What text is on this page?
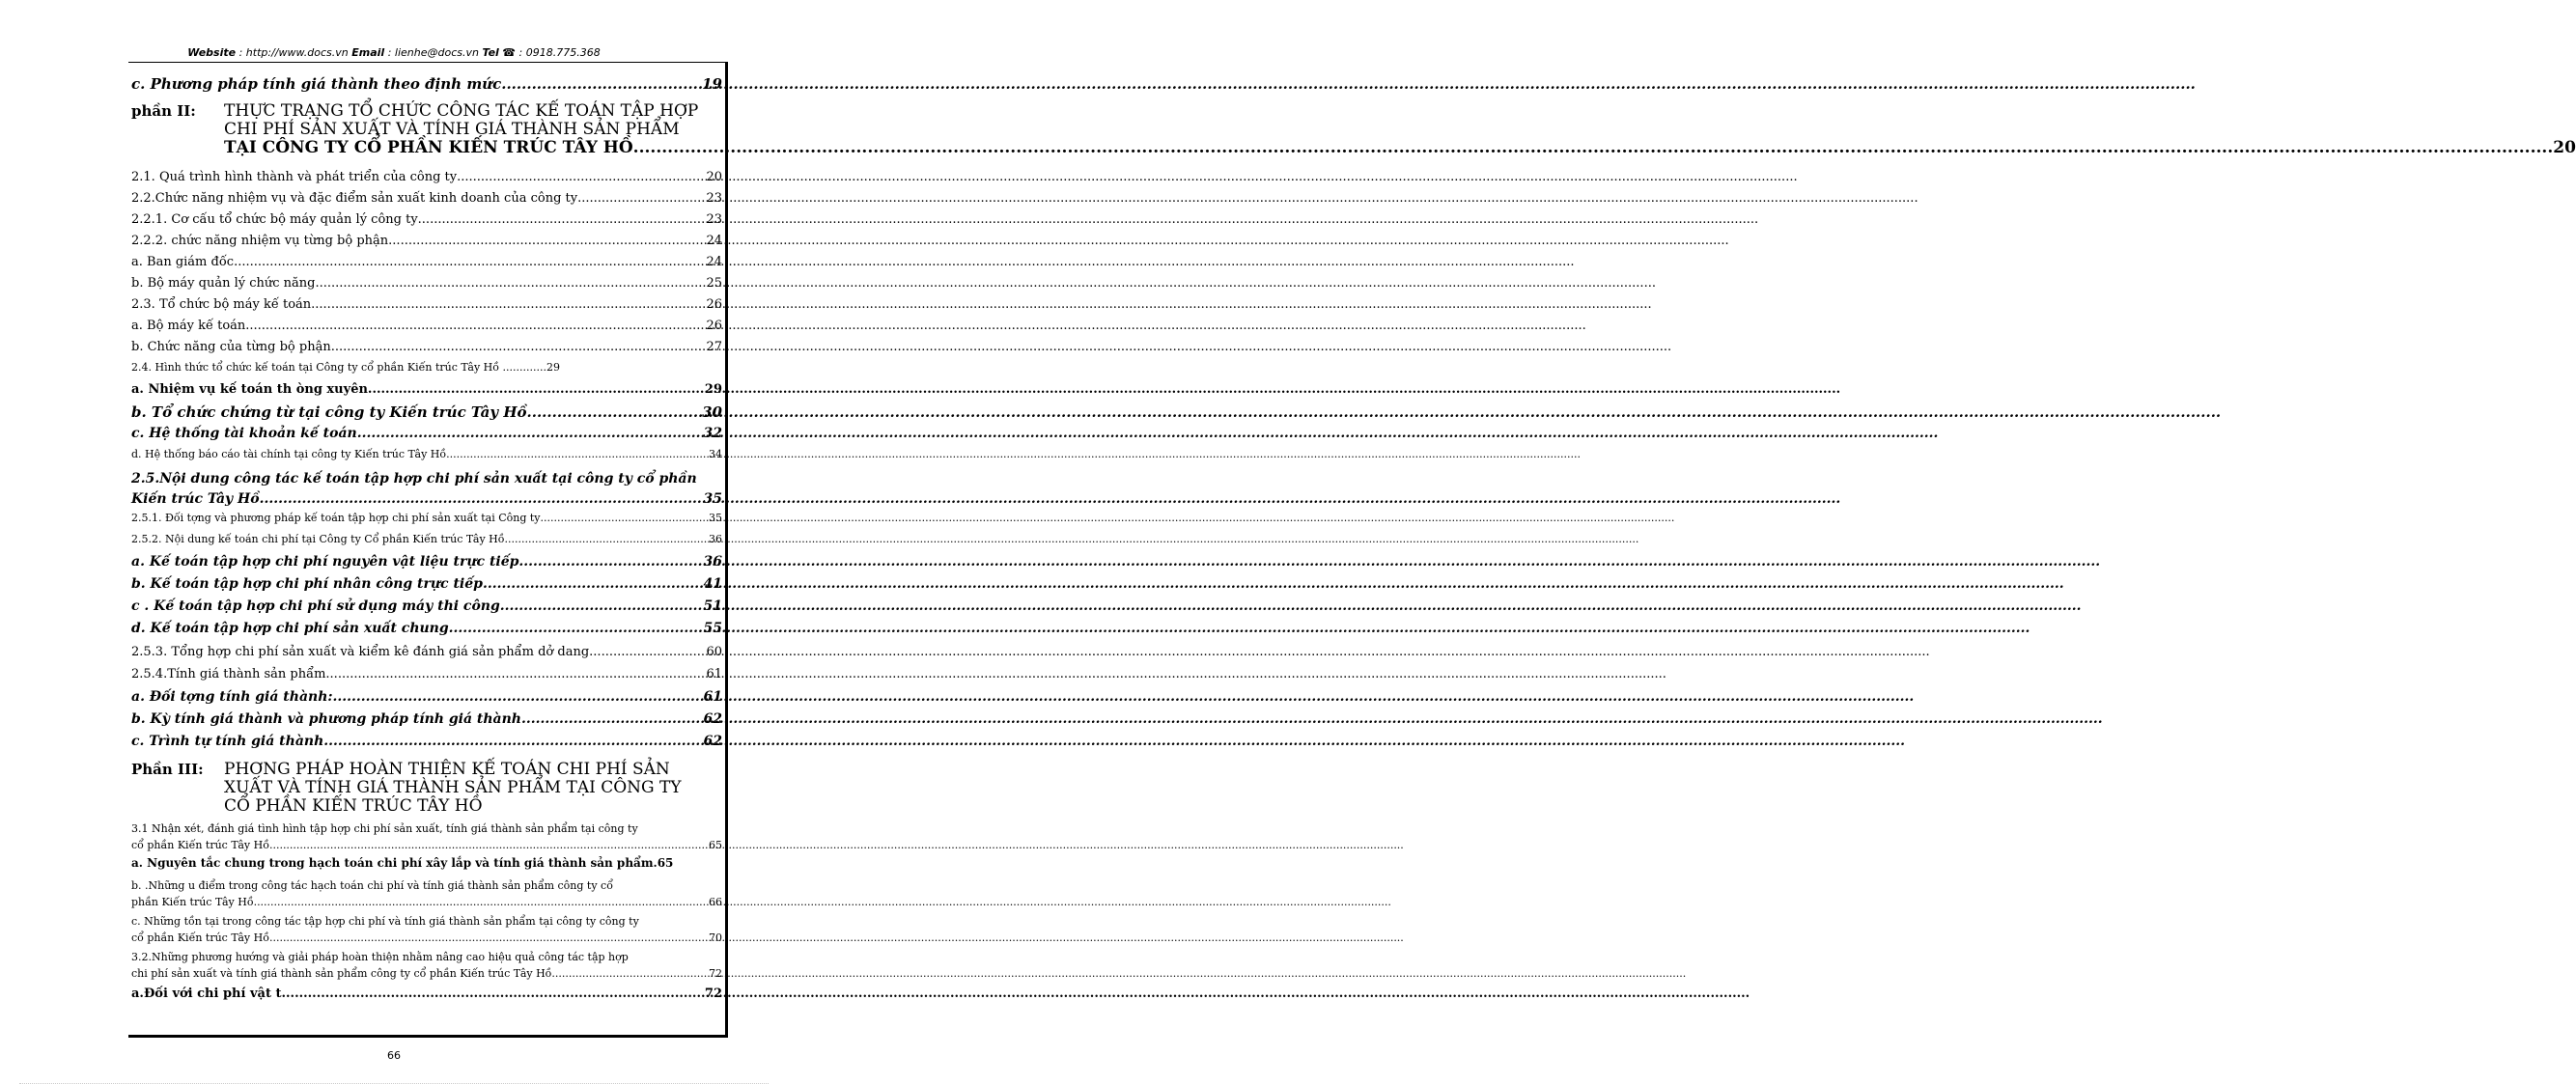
Website : http://www.docs.vn Email : lienhe@docs.vn Tel ☎ : 0918.775.368
c. Phương pháp tính giá thành theo định mức .....	19
phần II:	THỰC TRẠNG TỔ CHỨC CÔNG TÁC KẾ TOÁN TẬP HỢP
CHI PHÍ SẢN XUẤT VÀ TÍNH GIÁ THÀNH SẢN PHẨM
TẠI CÔNG TY CỔ PHẦN KIẾN TRÚC TÂY HỒ .....	20
2.1. Quá trình hình thành và phát triển của công ty .....	20
2.2.Chức năng nhiệm vụ và đặc điểm sản xuất kinh doanh của công ty .....	23
2.2.1. Cơ cấu tổ chức bộ máy quản lý công ty .....	23
2.2.2. chức năng nhiệm vụ từng bộ phận .....	24
a. Ban giám đốc .....	24
b. Bộ máy quản lý chức năng .....	25
2.3. Tổ chức bộ máy kế toán .....	26
a. Bộ máy kế toán .....	26
b. Chức năng của từng bộ phận .....	27
2.4. Hình thức tổ chức kế toán tại Công ty cổ phần Kiến trúc Tây Hồ ............. 29
a. Nhiệm vụ kế toán th òng xuyên. .....	29
b. Tổ chức chứng từ tại công ty Kiến trúc Tây Hồ .....	30
c. Hệ thống tài khoản kế toán .....	32
d. Hệ thống báo cáo tài chính tại công ty Kiến trúc Tây Hồ .....	34
2.5.Nội dung công tác kế toán tập hợp chi phí sản xuất tại công ty cổ phần
Kiến trúc Tây Hồ .....	35
2.5.1. Đối tợng và phương pháp kế toán tập hợp chi phí sản xuất tại Công ty .....	35
2.5.2. Nội dung kế toán chi phí tại Công ty Cổ phần Kiến trúc Tây Hồ .....	36
a. Kế toán tập hợp chi phí nguyên vật liệu trực tiếp .....	36
b. Kế toán tập hợp chi phí nhân công trực tiếp .....	41
c . Kế toán tập hợp chi phí sử dụng máy thi công .....	51
d. Kế toán tập hợp chi phí sản xuất chung .....	55
2.5.3. Tổng hợp chi phí sản xuất và kiểm kê đánh giá sản phẩm dở dang .....	60
2.5.4.Tính giá thành sản phẩm .....	61
a. Đối tợng tính giá thành: .....	61
b. Kỳ tính giá thành và phương pháp tính giá thành .....	62
c. Trình tự tính giá thành .....	62
Phần III:	PHƠNG PHÁP HOÀN THIỆN KẾ TOÁN CHI PHÍ SẢN
XUẤT VÀ TÍNH GIÁ THÀNH SẢN PHẨM TẠI CÔNG TY
CỔ PHẦN KIẾN TRÚC TÂY HỒ
3.1 Nhận xét, đánh giá tình hình tập hợp chi phí sản xuất, tính giá thành sản phẩm tại công ty
cổ phần Kiến trúc Tây Hồ .....	65
a. Nguyên tắc chung trong hạch toán chi phí xây lắp và tính giá thành sản phẩm. 65
b. .Những u điểm trong công tác hạch toán chi phí và tính giá thành sản phẩm công ty cổ
phần Kiến trúc Tây Hồ. .....	66
c. Những tồn tại trong công tác tập hợp chi phí và tính giá thành sản phẩm tại công ty công ty
cổ phần Kiến trúc Tây Hồ .....	70
3.2.Những phương hướng và giải pháp hoàn thiện nhằm nâng cao hiệu quả công tác tập hợp
chi phí sản xuất và tính giá thành sản phẩm công ty cổ phần Kiến trúc Tây Hồ .....	72
a.Đối với chi phí vật t .....	72
66
